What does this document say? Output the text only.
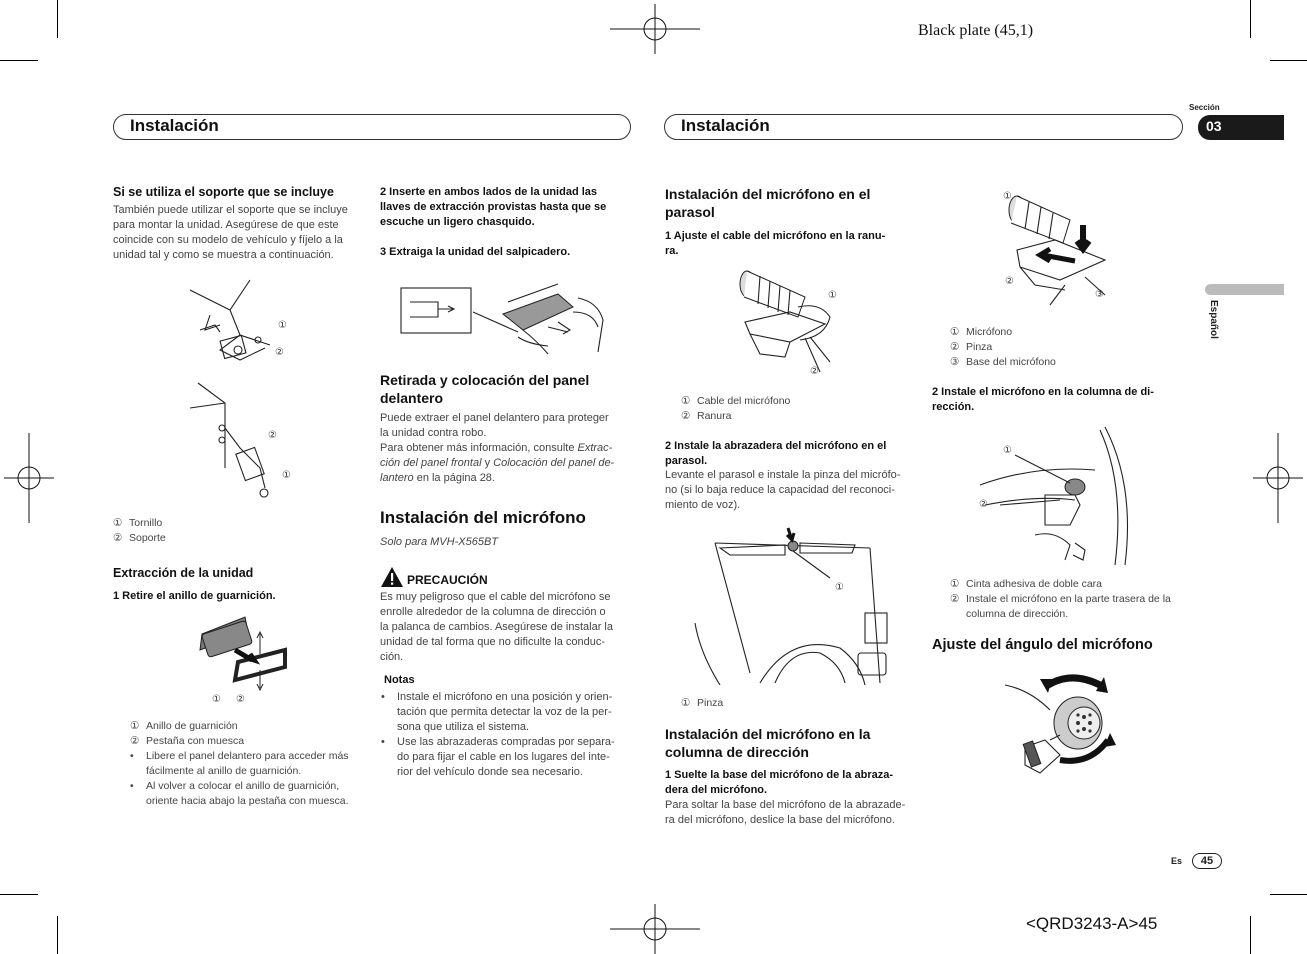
Black plate (45,1)
<QRD3243-A>45
Instalación	Instalación
Sección
03
Español
Si se utiliza el soporte que se incluye
También puede utilizar el soporte que se incluye
para montar la unidad. Asegúrese de que este
coincide con su modelo de vehículo y fíjelo a la
unidad tal y como se muestra a continuación.
①
②
②
①
① Tornillo
② Soporte
Extracción de la unidad
1 Retire el anillo de guarnición.
① ②
① Anillo de guarnición
② Pestaña con muesca
• Libere el panel delantero para acceder más
fácilmente al anillo de guarnición.
• Al volver a colocar el anillo de guarnición,
oriente hacia abajo la pestaña con muesca.
2 Inserte en ambos lados de la unidad las
llaves de extracción provistas hasta que se
escuche un ligero chasquido.
3 Extraiga la unidad del salpicadero.
Retirada y colocación del panel
delantero
Puede extraer el panel delantero para proteger
la unidad contra robo.
Para obtener más información, consulte Extrac-
ción del panel frontal y Colocación del panel de-
lantero en la página 28.
Instalación del micrófono
Solo para MVH-X565BT
PRECAUCIÓN
Es muy peligroso que el cable del micrófono se
enrolle alrededor de la columna de dirección o
la palanca de cambios. Asegúrese de instalar la
unidad de tal forma que no dificulte la conduc-
ción.
Notas
• Instale el micrófono en una posición y orien-
tación que permita detectar la voz de la per-
sona que utiliza el sistema.
• Use las abrazaderas compradas por separa-
do para fijar el cable en los lugares del inte-
rior del vehículo donde sea necesario.
Instalación del micrófono en el
parasol
1 Ajuste el cable del micrófono en la ranu-
ra.
①
②
① Cable del micrófono
② Ranura
2 Instale la abrazadera del micrófono en el
parasol.
Levante el parasol e instale la pinza del micrófo-
no (si lo baja reduce la capacidad del reconoci-
miento de voz).
①
① Pinza
Instalación del micrófono en la
columna de dirección
1 Suelte la base del micrófono de la abraza-
dera del micrófono.
Para soltar la base del micrófono de la abrazade-
ra del micrófono, deslice la base del micrófono.
①
②
③
① Micrófono
② Pinza
③ Base del micrófono
2 Instale el micrófono en la columna de di-
rección.
①
②
① Cinta adhesiva de doble cara
② Instale el micrófono en la parte trasera de la
columna de dirección.
Ajuste del ángulo del micrófono
Es	45
